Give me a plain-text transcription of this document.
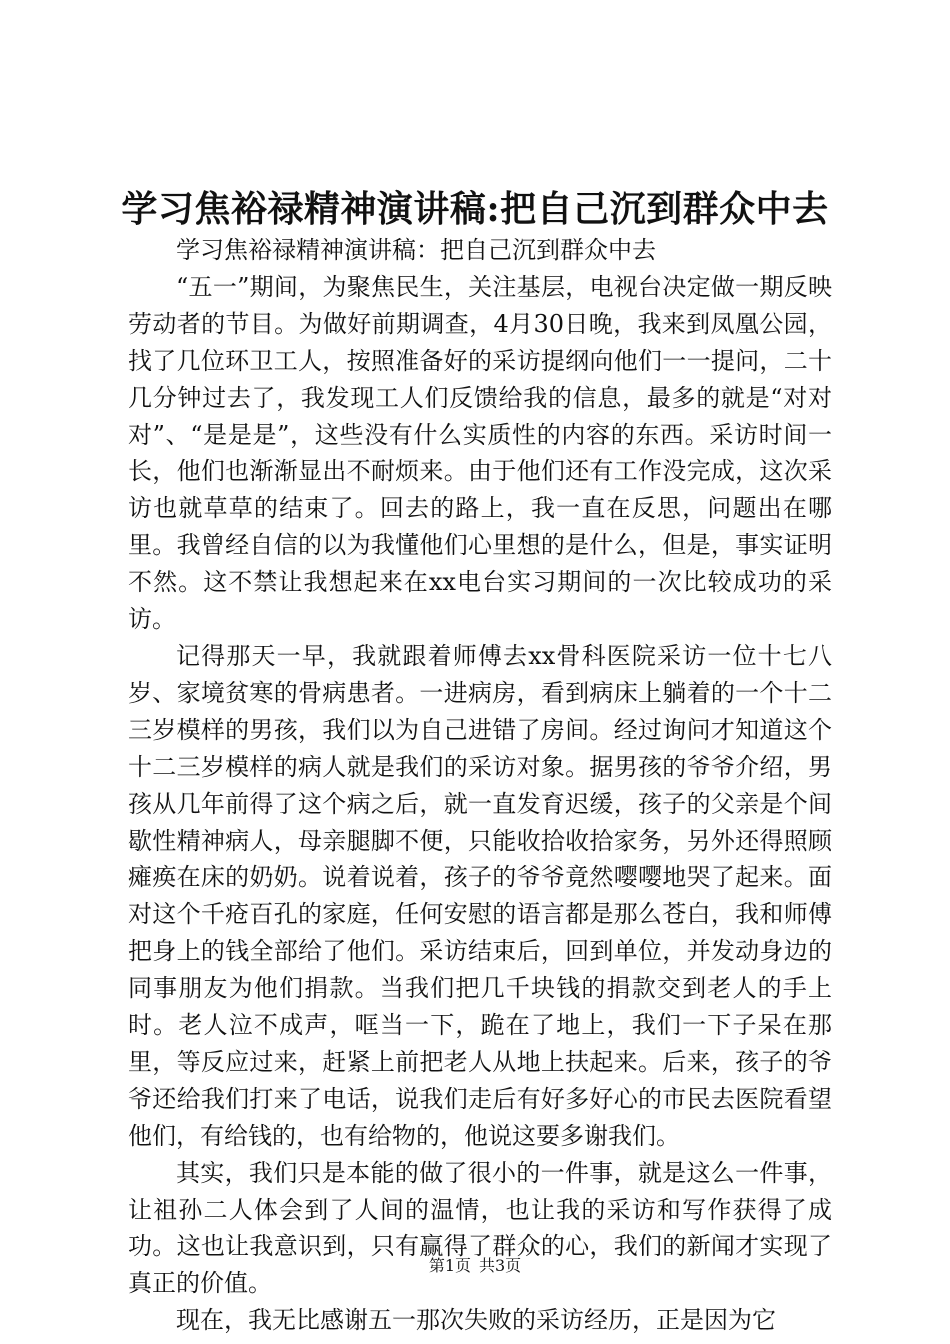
学习焦裕禄精神演讲稿:把自己沉到群众中去

学习焦裕禄精神演讲稿：把自己沉到群众中去

“五一”期间，为聚焦民生，关注基层，电视台决定做一期反映劳动者的节目。为做好前期调查，4月30日晚，我来到凤凰公园，找了几位环卫工人，按照准备好的采访提纲向他们一一提问，二十几分钟过去了，我发现工人们反馈给我的信息，最多的就是“对对对”、“是是是”，这些没有什么实质性的内容的东西。采访时间一长，他们也渐渐显出不耐烦来。由于他们还有工作没完成，这次采访也就草草的结束了。回去的路上，我一直在反思，问题出在哪里。我曾经自信的以为我懂他们心里想的是什么，但是，事实证明不然。这不禁让我想起来在xx电台实习期间的一次比较成功的采访。

记得那天一早，我就跟着师傅去xx骨科医院采访一位十七八岁、家境贫寒的骨病患者。一进病房，看到病床上躺着的一个十二三岁模样的男孩，我们以为自己进错了房间。经过询问才知道这个十二三岁模样的病人就是我们的采访对象。据男孩的爷爷介绍，男孩从几年前得了这个病之后，就一直发育迟缓，孩子的父亲是个间歇性精神病人，母亲腿脚不便，只能收拾收拾家务，另外还得照顾瘫痪在床的奶奶。说着说着，孩子的爷爷竟然嘤嘤地哭了起来。面对这个千疮百孔的家庭，任何安慰的语言都是那么苍白，我和师傅把身上的钱全部给了他们。采访结束后，回到单位，并发动身边的同事朋友为他们捐款。当我们把几千块钱的捐款交到老人的手上时。老人泣不成声，哐当一下，跪在了地上，我们一下子呆在那里，等反应过来，赶紧上前把老人从地上扶起来。后来，孩子的爷爷还给我们打来了电话，说我们走后有好多好心的市民去医院看望他们，有给钱的，也有给物的，他说这要多谢我们。

其实，我们只是本能的做了很小的一件事，就是这么一件事，让祖孙二人体会到了人间的温情，也让我的采访和写作获得了成功。这也让我意识到，只有赢得了群众的心，我们的新闻才实现了真正的价值。

现在，我无比感谢五一那次失败的采访经历，正是因为它

第1页 共3页
